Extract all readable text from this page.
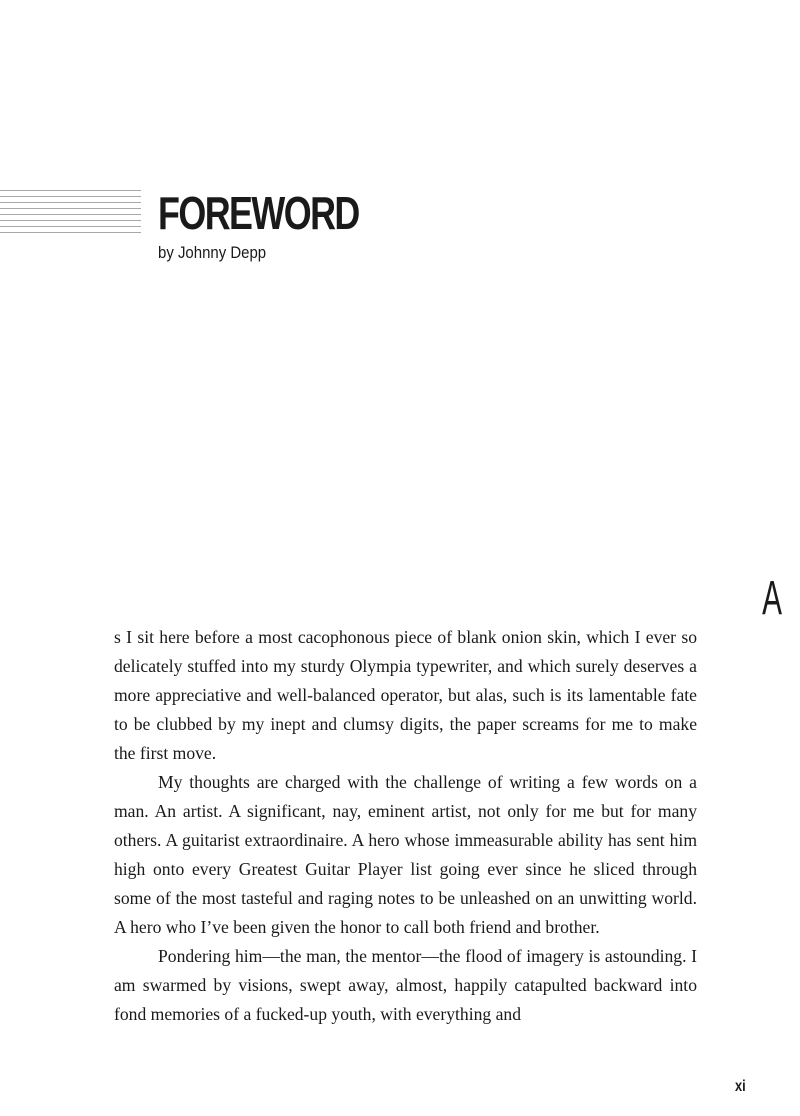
FOREWORD
by Johnny Depp

As I sit here before a most cacophonous piece of blank onion skin, which I ever so delicately stuffed into my sturdy Olympia typewriter, and which surely deserves a more appreciative and well-balanced operator, but alas, such is its lamentable fate to be clubbed by my inept and clumsy digits, the paper screams for me to make the first move.

My thoughts are charged with the challenge of writing a few words on a man. An artist. A significant, nay, eminent artist, not only for me but for many others. A guitarist extraordinaire. A hero whose immeasurable ability has sent him high onto every Greatest Guitar Player list going ever since he sliced through some of the most tasteful and raging notes to be unleashed on an unwitting world. A hero who I’ve been given the honor to call both friend and brother.

Pondering him—the man, the mentor—the flood of imagery is astounding. I am swarmed by visions, swept away, almost, happily catapulted backward into fond memories of a fucked-up youth, with everything and

xi
